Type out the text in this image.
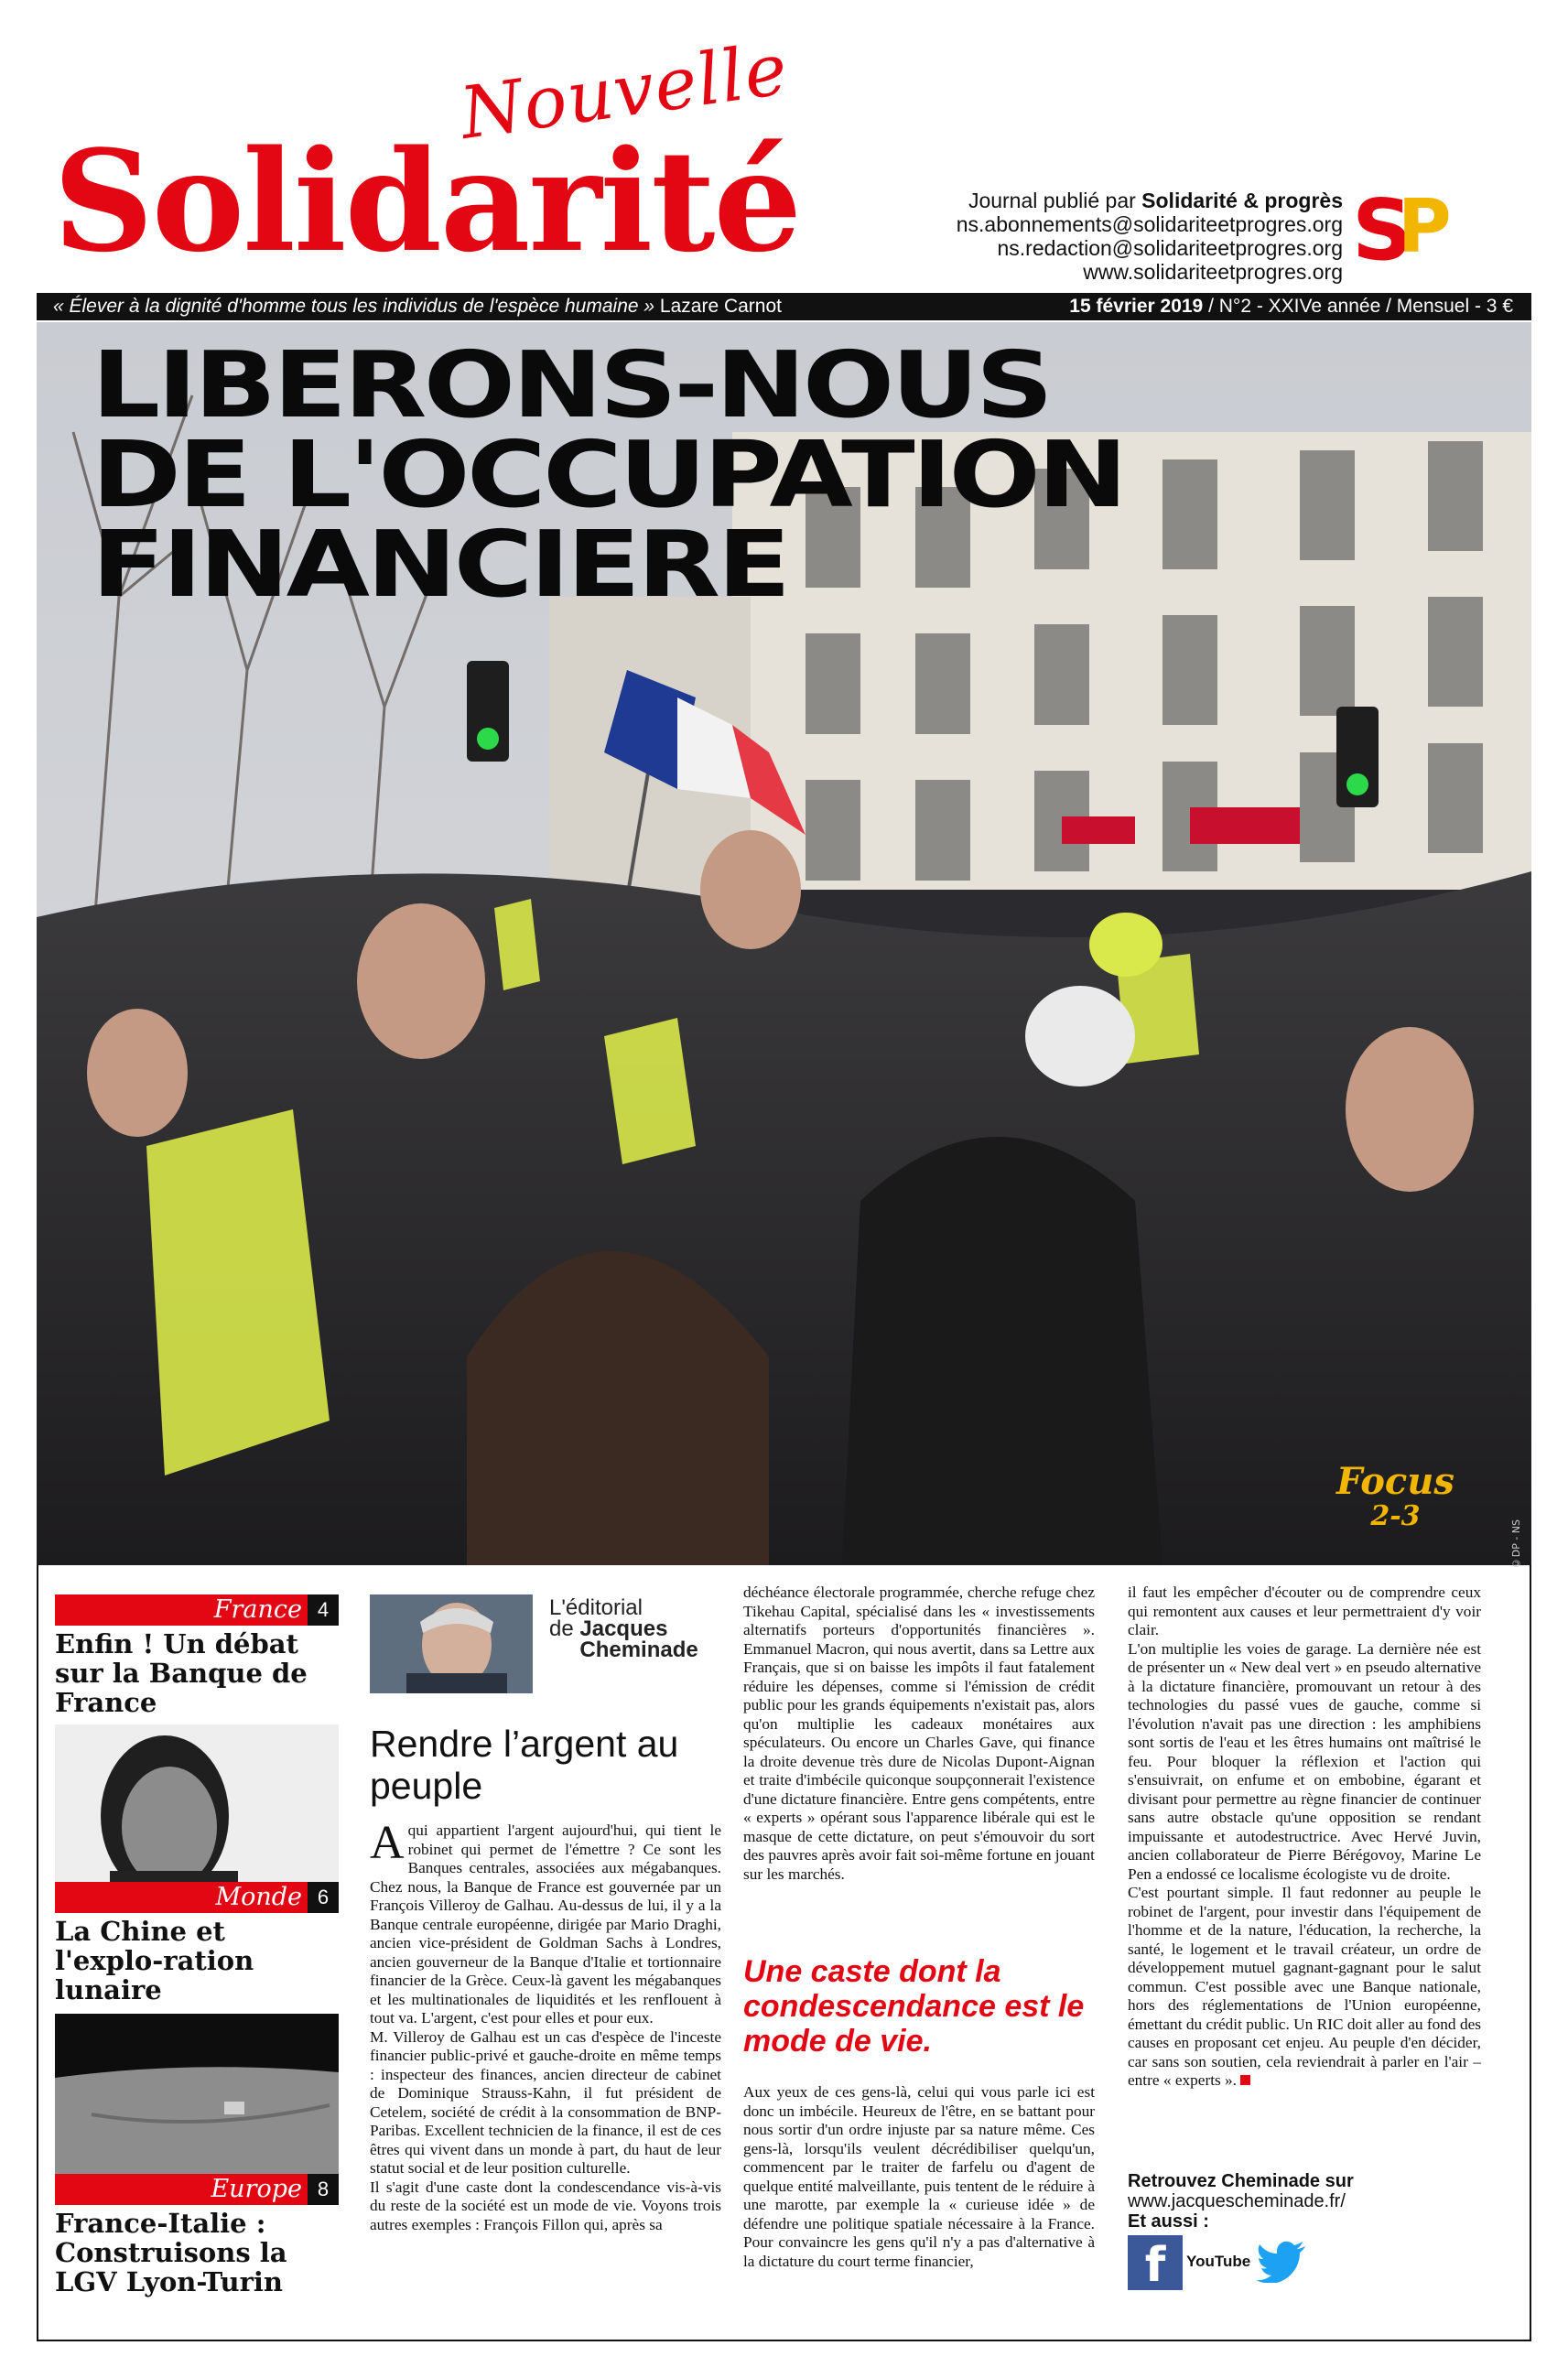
Nouvelle
Solidarité	Journal publié par Solidarité & progrès
ns.abonnements@solidariteetprogres.org
ns.redaction@solidariteetprogres.org
www.solidariteetprogres.org S
P
« Élever à la dignité d'homme tous les individus de l'espèce humaine » Lazare Carnot	15 février 2019 / N°2 - XXIVe année / Mensuel - 3 €
LIBERONS-NOUS
DE L'OCCUPATION
FINANCIERE
Focus
2-3
©DP - NS
France 4
Enfin ! Un débat sur la Banque de France
Monde 6
La Chine et l'explo-ration lunaire
Europe 8
France-Italie : Construisons la LGV Lyon-Turin
L'éditorial
de Jacques Cheminade
Rendre l’argent au peuple

Aqui appartient l'argent aujourd'hui, qui tient le robinet qui permet de l'émettre ? Ce sont les Banques centrales, associées aux mégabanques. Chez nous, la Banque de France est gouvernée par un François Villeroy de Galhau. Au-dessus de lui, il y a la Banque centrale européenne, dirigée par Mario Draghi, ancien vice-président de Goldman Sachs à Londres, ancien gouverneur de la Banque d'Italie et tortionnaire financier de la Grèce. Ceux-là gavent les mégabanques et les multinationales de liquidités et les renflouent à tout va. L'argent, c'est pour elles et pour eux.

M. Villeroy de Galhau est un cas d'espèce de l'inceste financier public-privé et gauche-droite en même temps : inspecteur des finances, ancien directeur de cabinet de Dominique Strauss-Kahn, il fut président de Cetelem, société de crédit à la consommation de BNP-Paribas. Excellent technicien de la finance, il est de ces êtres qui vivent dans un monde à part, du haut de leur statut social et de leur position culturelle.

Il s'agit d'une caste dont la condescendance vis-à-vis du reste de la société est un mode de vie. Voyons trois autres exemples : François Fillon qui, après sa

déchéance électorale programmée, cherche refuge chez Tikehau Capital, spécialisé dans les « investissements alternatifs porteurs d'opportunités financières ». Emmanuel Macron, qui nous avertit, dans sa Lettre aux Français, que si on baisse les impôts il faut fatalement réduire les dépenses, comme si l'émission de crédit public pour les grands équipements n'existait pas, alors qu'on multiplie les cadeaux monétaires aux spéculateurs. Ou encore un Charles Gave, qui finance la droite devenue très dure de Nicolas Dupont-Aignan et traite d'imbécile quiconque soupçonnerait l'existence d'une dictature financière. Entre gens compétents, entre « experts » opérant sous l'apparence libérale qui est le masque de cette dictature, on peut s'émouvoir du sort des pauvres après avoir fait soi-même fortune en jouant sur les marchés.
Une caste dont la condescendance est le mode de vie.
Aux yeux de ces gens-là, celui qui vous parle ici est donc un imbécile. Heureux de l'être, en se battant pour nous sortir d'un ordre injuste par sa nature même. Ces gens-là, lorsqu'ils veulent décrédibiliser quelqu'un, commencent par le traiter de farfelu ou d'agent de quelque entité malveillante, puis tentent de le réduire à une marotte, par exemple la « curieuse idée » de défendre une politique spatiale nécessaire à la France. Pour convaincre les gens qu'il n'y a pas d'alternative à la dictature du court terme financier,

il faut les empêcher d'écouter ou de comprendre ceux qui remontent aux causes et leur permettraient d'y voir clair.

L'on multiplie les voies de garage. La dernière née est de présenter un « New deal vert » en pseudo alternative à la dictature financière, promouvant un retour à des technologies du passé vues de gauche, comme si l'évolution n'avait pas une direction : les amphibiens sont sortis de l'eau et les êtres humains ont maîtrisé le feu. Pour bloquer la réflexion et l'action qui s'ensuivrait, on enfume et on embobine, égarant et divisant pour permettre au règne financier de continuer sans autre obstacle qu'une opposition se rendant impuissante et autodestructrice. Avec Hervé Juvin, ancien collaborateur de Pierre Bérégovoy, Marine Le Pen a endossé ce localisme écologiste vu de droite.

C'est pourtant simple. Il faut redonner au peuple le robinet de l'argent, pour investir dans l'équipement de l'homme et de la nature, l'éducation, la recherche, la santé, le logement et le travail créateur, un ordre de développement mutuel gagnant-gagnant pour le salut commun. C'est possible avec une Banque nationale, hors des réglementations de l'Union européenne, émettant du crédit public. Un RIC doit aller au fond des causes en proposant cet enjeu. Au peuple d'en décider, car sans son soutien, cela reviendrait à parler en l'air – entre « experts ».

Retrouvez Cheminade sur
www.jacquescheminade.fr/
Et aussi :
f	YouTube
